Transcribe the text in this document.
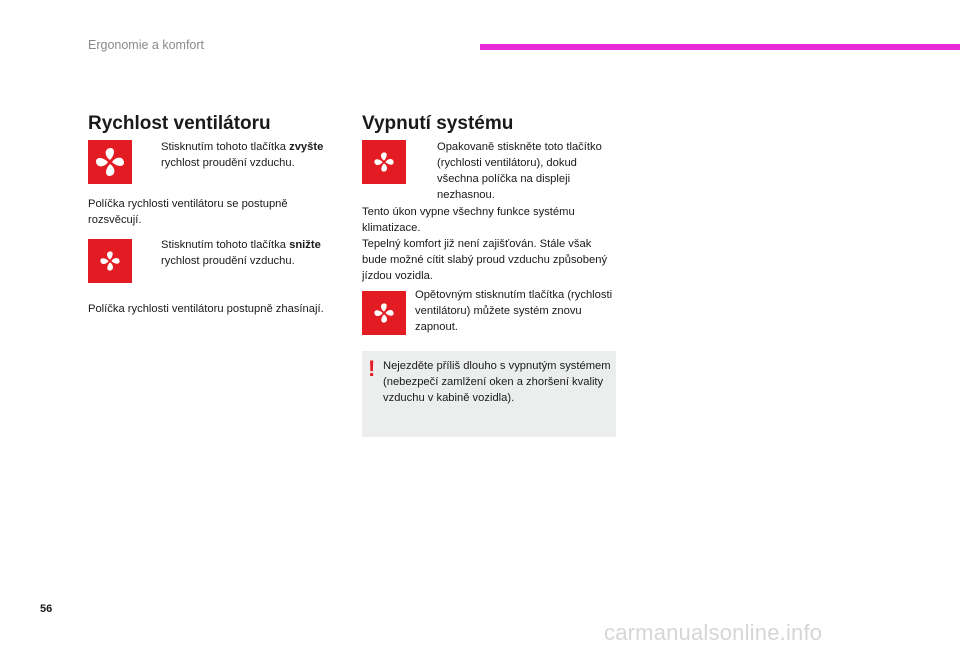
Ergonomie a komfort
Rychlost ventilátoru
Stisknutím tohoto tlačítka zvyšte rychlost proudění vzduchu.
Políčka rychlosti ventilátoru se postupně rozsvěcují.
Stisknutím tohoto tlačítka snižte rychlost proudění vzduchu.
Políčka rychlosti ventilátoru postupně zhasínají.
Vypnutí systému
Opakovaně stiskněte toto tlačítko (rychlosti ventilátoru), dokud všechna políčka na displeji nezhasnou.
Tento úkon vypne všechny funkce systému klimatizace.
Tepelný komfort již není zajišťován. Stále však bude možné cítit slabý proud vzduchu způsobený jízdou vozidla.
Opětovným stisknutím tlačítka (rychlosti ventilátoru) můžete systém znovu zapnout.
! Nejezděte příliš dlouho s vypnutým systémem (nebezpečí zamlžení oken a zhoršení kvality vzduchu v kabině vozidla).
56
carmanualsonline.info
